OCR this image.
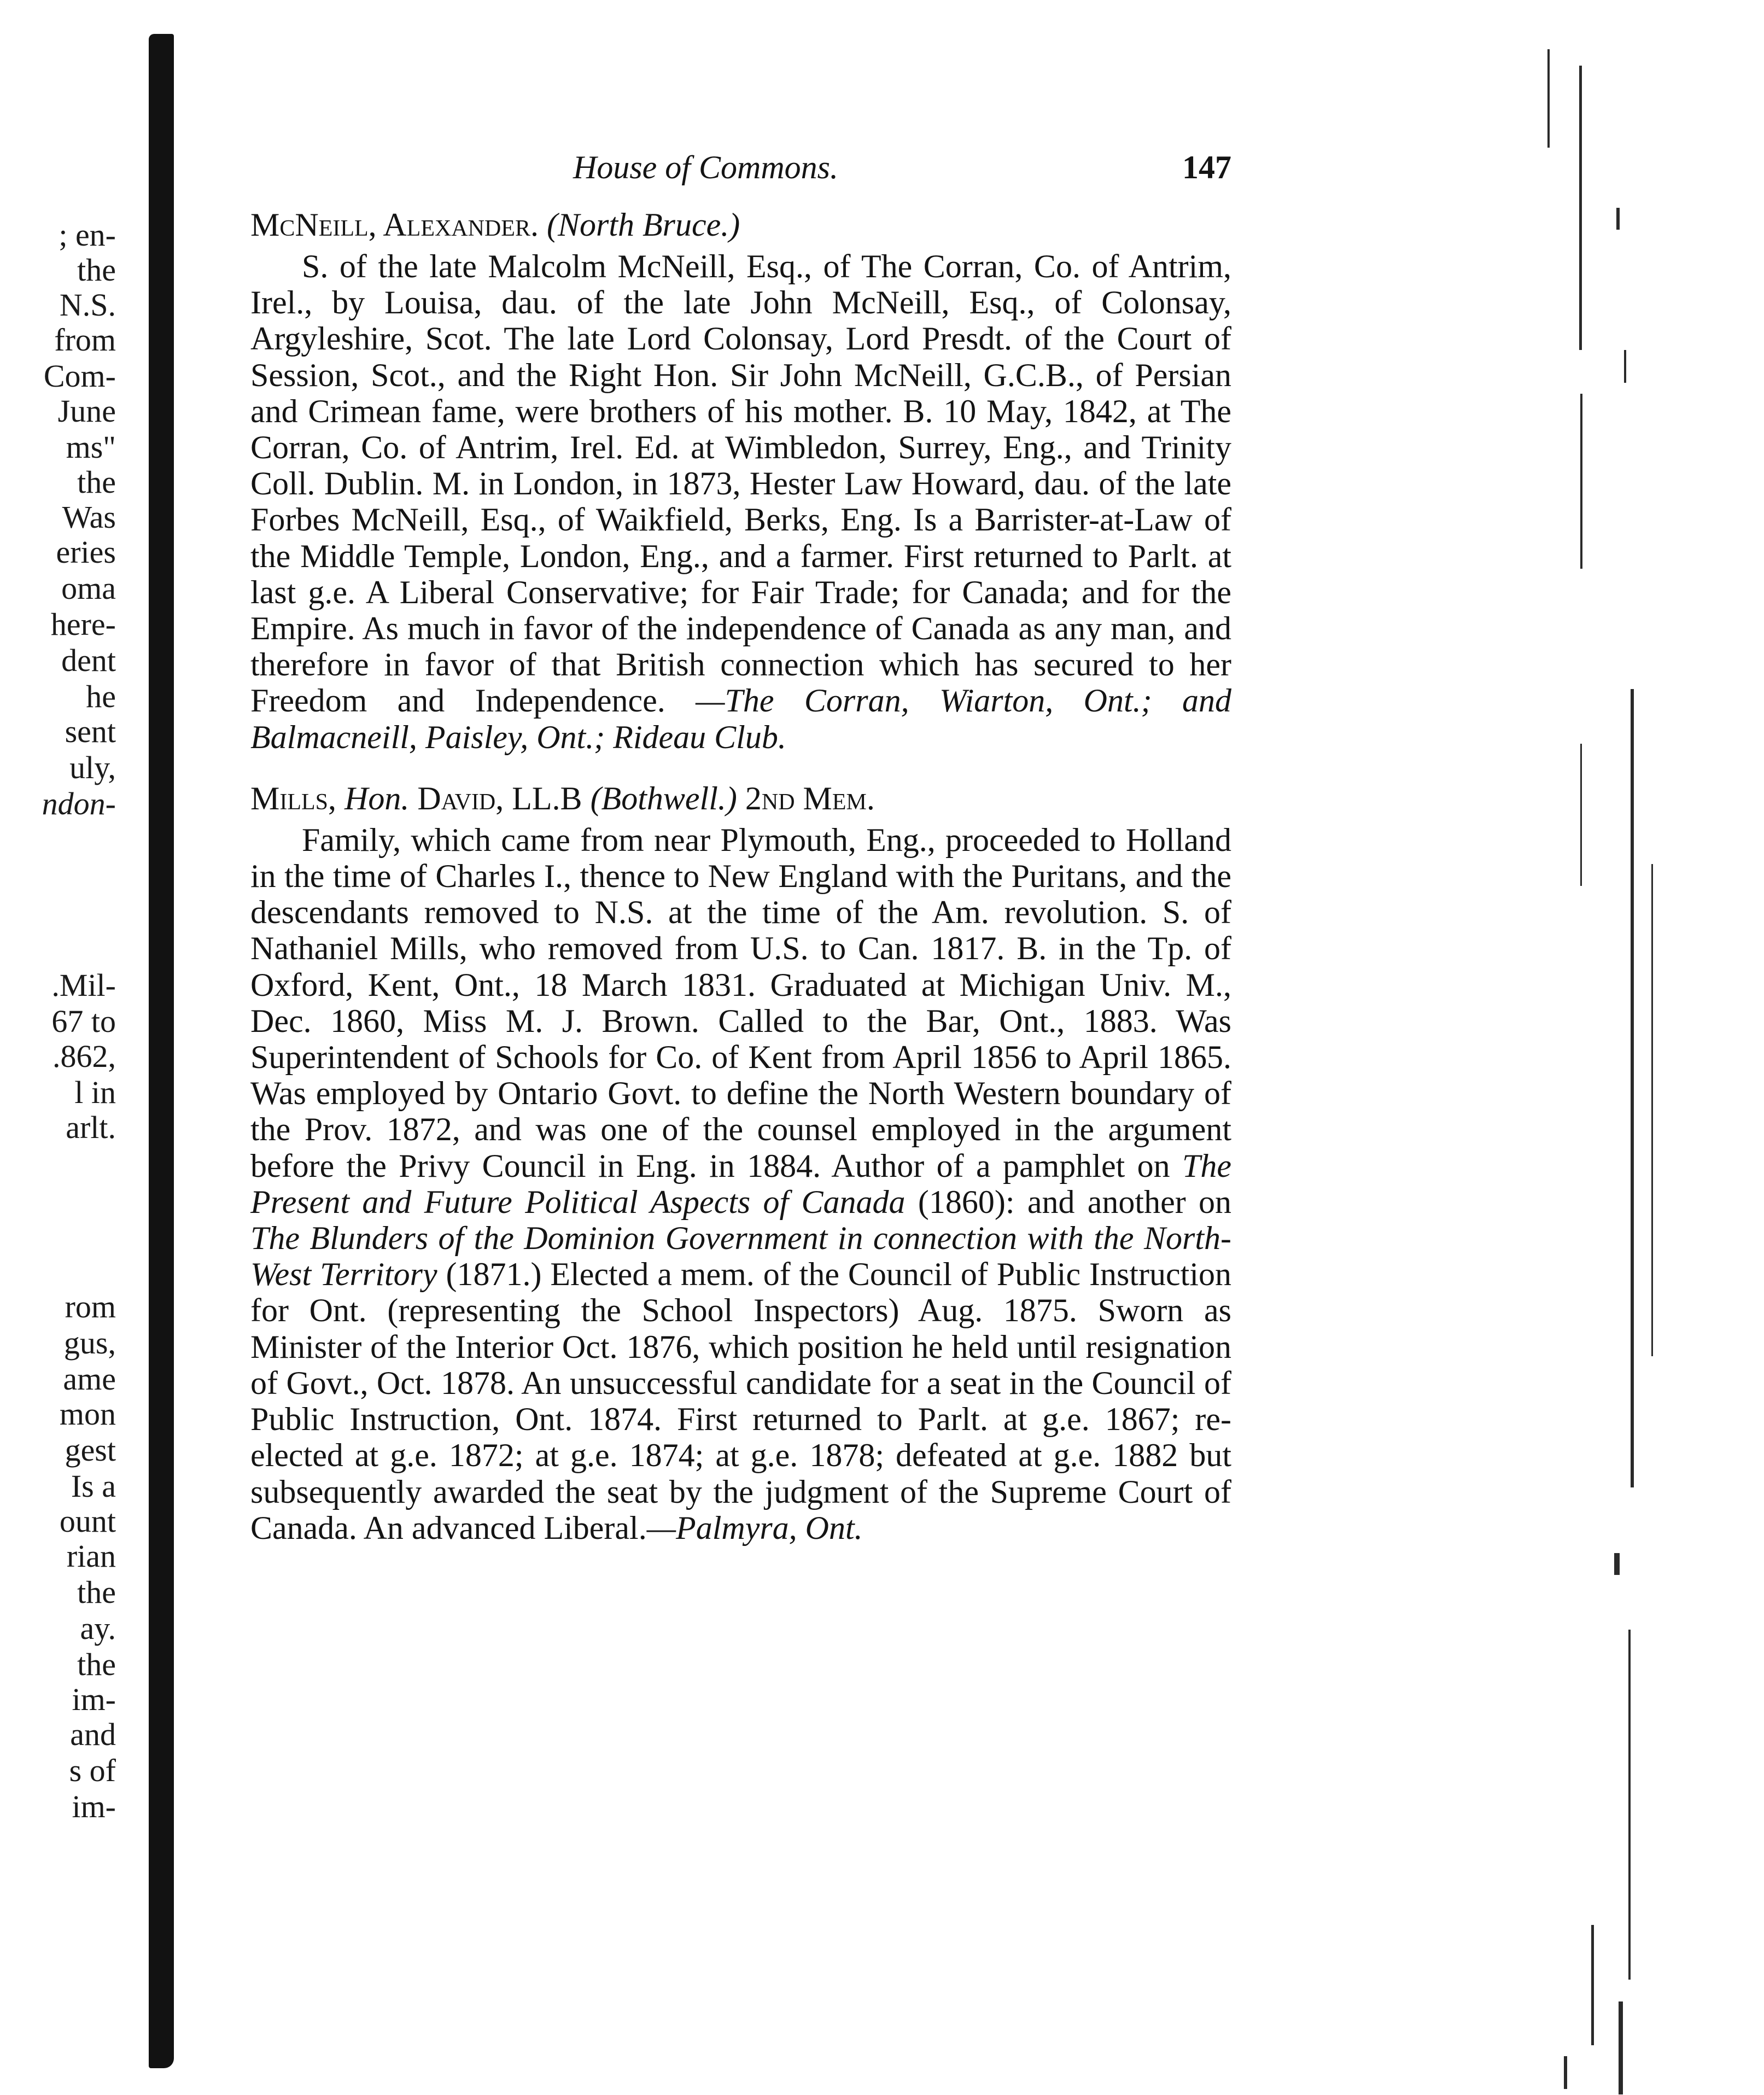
; en-
the
N.S.
from
Com-
June
ms"
the
Was
eries
oma
here-
dent
he
sent
uly,
ndon-
.Mil-
67 to
.862,
l in
arlt.
rom
gus,
ame
mon
gest
Is a
ount
rian
the
ay.
the
im-
and
s of
im-
House of Commons.	147
McNeill, Alexander. (North Bruce.)

S. of the late Malcolm McNeill, Esq., of The Corran, Co. of Antrim, Irel., by Louisa, dau. of the late John McNeill, Esq., of Colonsay, Argyleshire, Scot. The late Lord Colonsay, Lord Presdt. of the Court of Session, Scot., and the Right Hon. Sir John McNeill, G.C.B., of Persian and Crimean fame, were brothers of his mother. B. 10 May, 1842, at The Corran, Co. of Antrim, Irel. Ed. at Wimbledon, Surrey, Eng., and Trinity Coll. Dublin. M. in London, in 1873, Hester Law Howard, dau. of the late Forbes McNeill, Esq., of Waikfield, Berks, Eng. Is a Barrister-at-Law of the Middle Temple, London, Eng., and a farmer. First returned to Parlt. at last g.e. A Liberal Conservative; for Fair Trade; for Canada; and for the Empire. As much in favor of the independence of Canada as any man, and therefore in favor of that British connection which has secured to her Freedom and Independence. —The Corran, Wiarton, Ont.; and Balmacneill, Paisley, Ont.; Rideau Club.

Mills, Hon. David, LL.B (Bothwell.) 2nd Mem.

Family, which came from near Plymouth, Eng., proceeded to Holland in the time of Charles I., thence to New England with the Puritans, and the descendants removed to N.S. at the time of the Am. revolution. S. of Nathaniel Mills, who removed from U.S. to Can. 1817. B. in the Tp. of Oxford, Kent, Ont., 18 March 1831. Graduated at Michigan Univ. M., Dec. 1860, Miss M. J. Brown. Called to the Bar, Ont., 1883. Was Superintendent of Schools for Co. of Kent from April 1856 to April 1865. Was employed by Ontario Govt. to define the North Western boundary of the Prov. 1872, and was one of the counsel employed in the argument before the Privy Council in Eng. in 1884. Author of a pamphlet on The Present and Future Political Aspects of Canada (1860): and another on The Blunders of the Dominion Government in connection with the North-West Territory (1871.) Elected a mem. of the Council of Public Instruction for Ont. (representing the School Inspectors) Aug. 1875. Sworn as Minister of the Interior Oct. 1876, which position he held until resignation of Govt., Oct. 1878. An unsuccessful candidate for a seat in the Council of Public Instruction, Ont. 1874. First returned to Parlt. at g.e. 1867; re-elected at g.e. 1872; at g.e. 1874; at g.e. 1878; defeated at g.e. 1882 but subsequently awarded the seat by the judgment of the Supreme Court of Canada. An advanced Liberal.—Palmyra, Ont.
